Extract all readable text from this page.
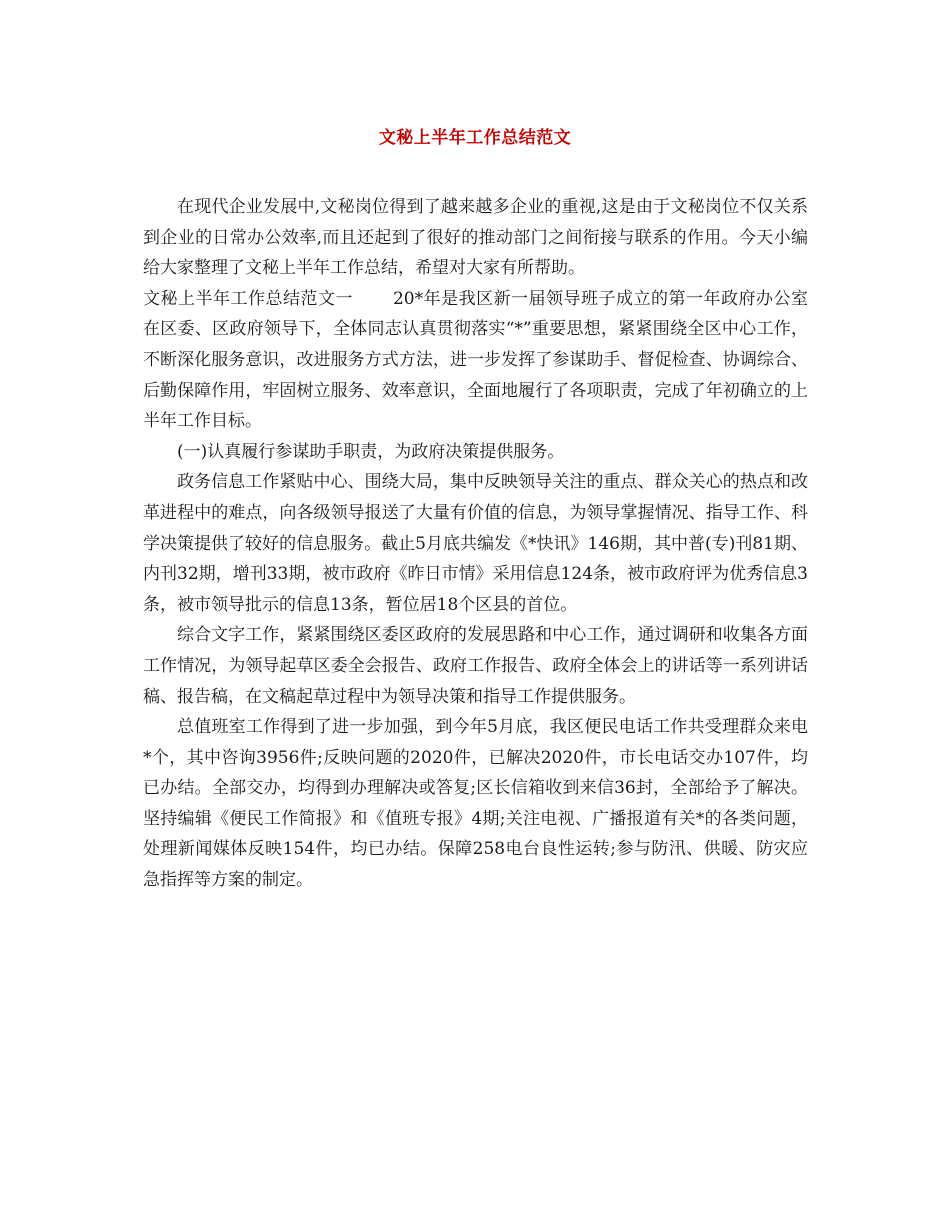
文秘上半年工作总结范文

在现代企业发展中,文秘岗位得到了越来越多企业的重视,这是由于文秘岗位不仅关系到企业的日常办公效率,而且还起到了很好的推动部门之间衔接与联系的作用。今天小编给大家整理了文秘上半年工作总结，希望对大家有所帮助。

文秘上半年工作总结范文一 20*年是我区新一届领导班子成立的第一年政府办公室在区委、区政府领导下，全体同志认真贯彻落实“*”重要思想，紧紧围绕全区中心工作，不断深化服务意识，改进服务方式方法，进一步发挥了参谋助手、督促检查、协调综合、后勤保障作用，牢固树立服务、效率意识，全面地履行了各项职责，完成了年初确立的上半年工作目标。

(一)认真履行参谋助手职责，为政府决策提供服务。

政务信息工作紧贴中心、围绕大局，集中反映领导关注的重点、群众关心的热点和改革进程中的难点，向各级领导报送了大量有价值的信息，为领导掌握情况、指导工作、科学决策提供了较好的信息服务。截止5月底共编发《*快讯》146期，其中普(专)刊81期、内刊32期，增刊33期，被市政府《昨日市情》采用信息124条，被市政府评为优秀信息3条，被市领导批示的信息13条，暂位居18个区县的首位。

综合文字工作，紧紧围绕区委区政府的发展思路和中心工作，通过调研和收集各方面工作情况，为领导起草区委全会报告、政府工作报告、政府全体会上的讲话等一系列讲话稿、报告稿，在文稿起草过程中为领导决策和指导工作提供服务。

总值班室工作得到了进一步加强，到今年5月底，我区便民电话工作共受理群众来电*个，其中咨询3956件;反映问题的2020件，已解决2020件，市长电话交办107件，均已办结。全部交办，均得到办理解决或答复;区长信箱收到来信36封，全部给予了解决。坚持编辑《便民工作简报》和《值班专报》4期;关注电视、广播报道有关*的各类问题，处理新闻媒体反映154件，均已办结。保障258电台良性运转;参与防汛、供暖、防灾应急指挥等方案的制定。
